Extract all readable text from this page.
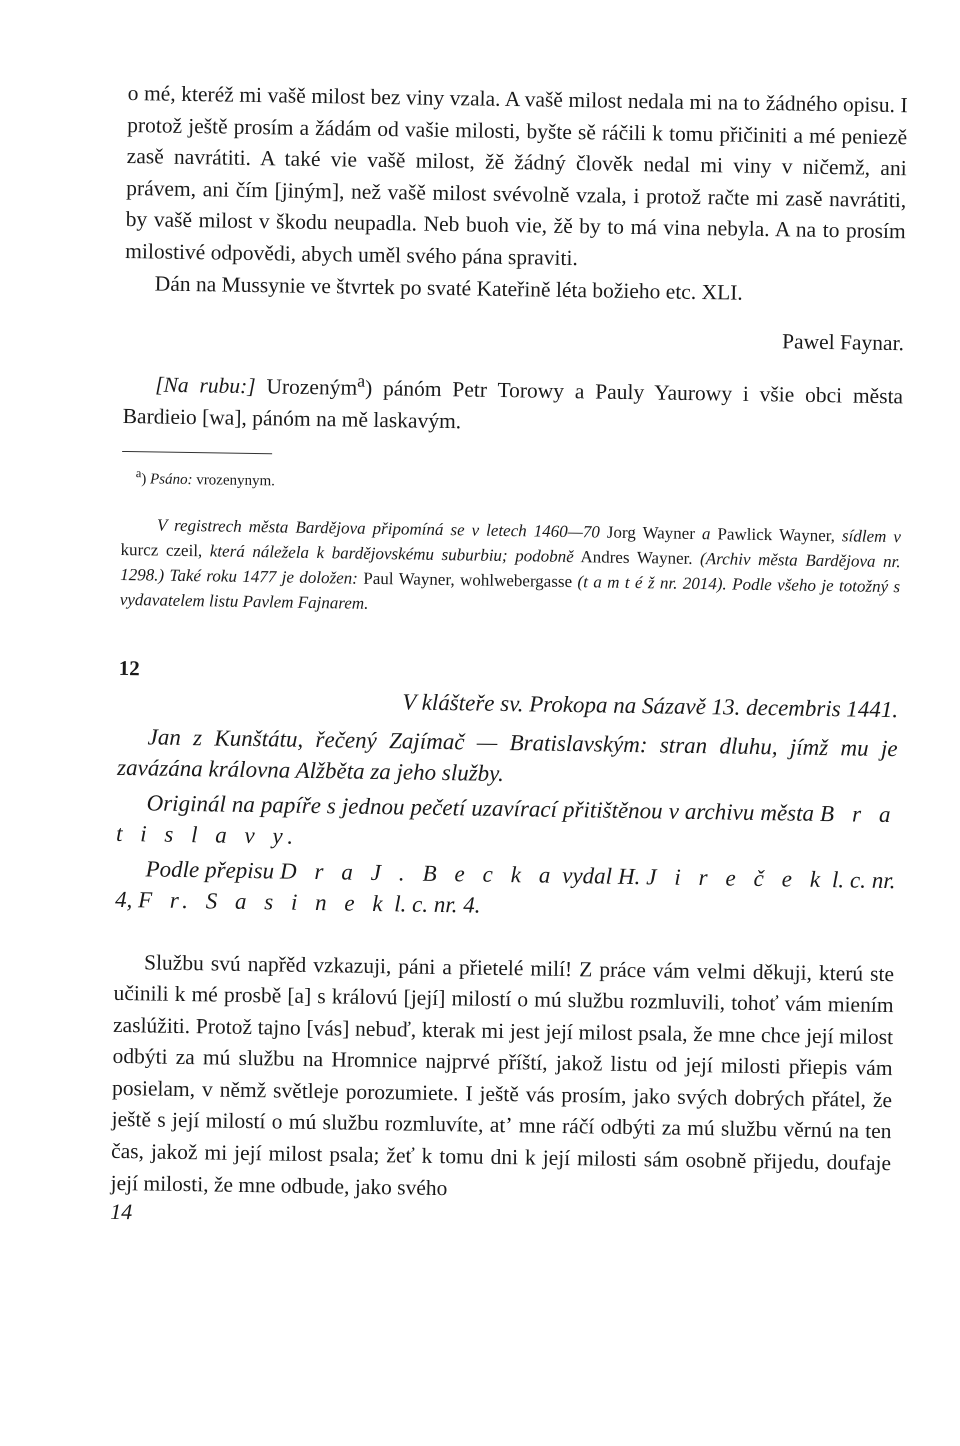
o mé, kteréž mi vašě milost bez viny vzala. A vašě milost nedala mi na to žádného opisu. I protož ještě prosím a žádám od vašie milosti, byšte sě ráčili k tomu přičiniti a mé peniezě zasě navrátiti. A také vie vašě milost, žě žádný člověk nedal mi viny v ničemž, ani právem, ani čím [jiným], než vašě milost svévolně vzala, i protož račte mi zasě navrátiti, by vašě milost v škodu neupadla. Neb buoh vie, žě by to má vina nebyla. A na to prosím milostivé odpovědi, abych uměl svého pána spraviti.

Dán na Mussynie ve štvrtek po svaté Kateřině léta božieho etc. XLI.

Pawel Faynar.
[Na rubu:] Urozeným$^a$) pánóm Petr Torowy a Pauly Yaurowy i všie obci města Bardieio [wa], pánóm na mě laskavým.
$^a$) Psáno: vrozenynym.
V registrech města Bardějova připomíná se v letech 1460—70 Jorg Wayner a Pawlick Wayner, sídlem v kurcz czeil, která náležela k bardějovskému suburbiu; podobně Andres Wayner. (Archiv města Bardějova nr. 1298.) Také roku 1477 je doložen: Paul Wayner, wohlwebergasse (t a m t é ž nr. 2014). Podle všeho je totožný s vydavatelem listu Pavlem Fajnarem.
12
V klášteře sv. Prokopa na Sázavě 13. decembris 1441.

Jan z Kunštátu, řečený Zajímač — Bratislavským: stran dluhu, jímž mu je zavázána královna Alžběta za jeho služby.

Originál na papíře s jednou pečetí uzavírací přitištěnou v archivu města B r a t i s l a v y.

Podle přepisu D r a J . B e c k a vydal H. J i r e č e k l. c. nr. 4, F r. S a s i n e k l. c. nr. 4.

Službu svú napřěd vzkazuji, páni a přietelé milí! Z práce vám velmi děkuji, kterú ste učinili k mé prosbě [a] s královú [její] milostí o mú službu rozmluvili, tohoť vám miením zaslúžiti. Protož tajno [vás] nebuď, kterak mi jest její milost psala, že mne chce její milost odbýti za mú službu na Hromnice najprvé příští, jakož listu od její milosti přiepis vám posielam, v němž světleje porozumiete. I ještě vás prosím, jako svých dobrých přátel, že ještě s její milostí o mú službu rozmluvíte, atʼ mne ráčí odbýti za mú službu věrnú na ten čas, jakož mi její milost psala; žeť k tomu dni k její milosti sám osobně přijedu, doufaje její milosti, že mne odbude, jako svého
14
